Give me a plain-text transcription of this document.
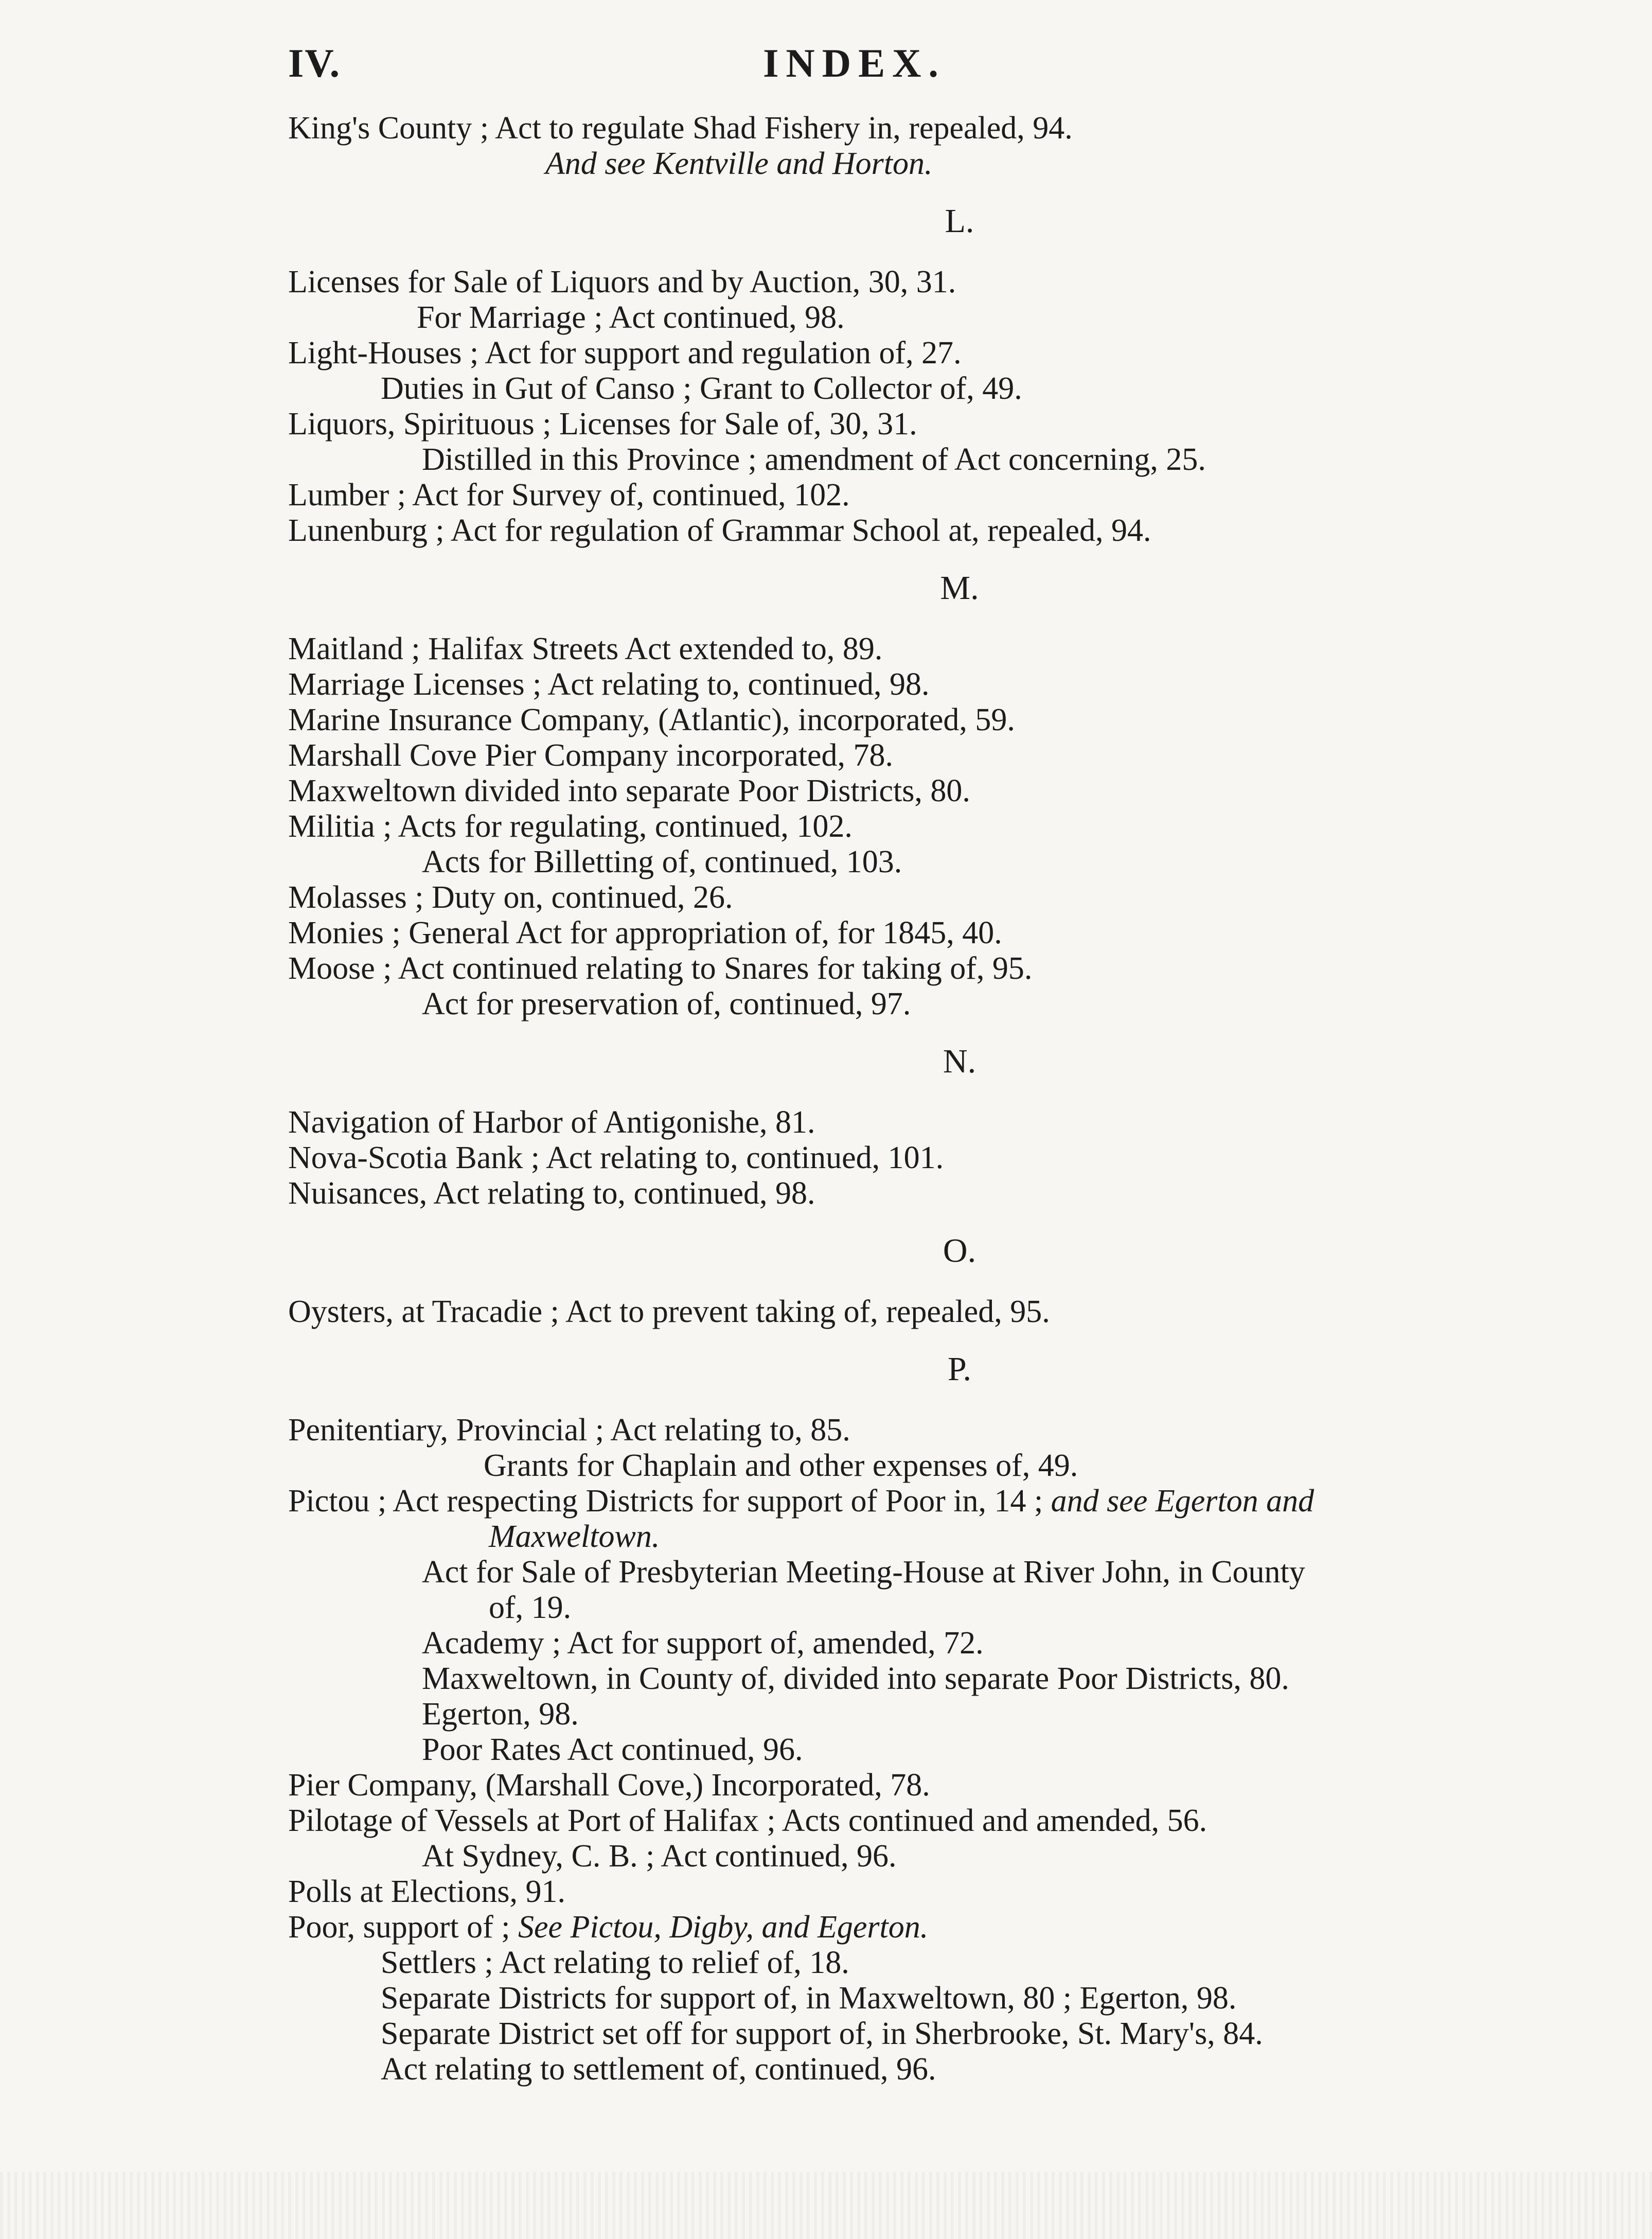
IV.	INDEX.

King's County ; Act to regulate Shad Fishery in, repealed, 94.

And see Kentville and Horton.

L.

Licenses for Sale of Liquors and by Auction, 30, 31.

For Marriage ; Act continued, 98.

Light-Houses ; Act for support and regulation of, 27.

Duties in Gut of Canso ; Grant to Collector of, 49.

Liquors, Spirituous ; Licenses for Sale of, 30, 31.

Distilled in this Province ; amendment of Act concerning, 25.

Lumber ; Act for Survey of, continued, 102.

Lunenburg ; Act for regulation of Grammar School at, repealed, 94.

M.

Maitland ; Halifax Streets Act extended to, 89.

Marriage Licenses ; Act relating to, continued, 98.

Marine Insurance Company, (Atlantic), incorporated, 59.

Marshall Cove Pier Company incorporated, 78.

Maxweltown divided into separate Poor Districts, 80.

Militia ; Acts for regulating, continued, 102.

Acts for Billetting of, continued, 103.

Molasses ; Duty on, continued, 26.

Monies ; General Act for appropriation of, for 1845, 40.

Moose ; Act continued relating to Snares for taking of, 95.

Act for preservation of, continued, 97.

N.

Navigation of Harbor of Antigonishe, 81.

Nova-Scotia Bank ; Act relating to, continued, 101.

Nuisances, Act relating to, continued, 98.

O.

Oysters, at Tracadie ; Act to prevent taking of, repealed, 95.

P.

Penitentiary, Provincial ; Act relating to, 85.

Grants for Chaplain and other expenses of, 49.

Pictou ; Act respecting Districts for support of Poor in, 14 ; and see Egerton and

Maxweltown.

Act for Sale of Presbyterian Meeting-House at River John, in County

of, 19.

Academy ; Act for support of, amended, 72.

Maxweltown, in County of, divided into separate Poor Districts, 80.

Egerton, 98.

Poor Rates Act continued, 96.

Pier Company, (Marshall Cove,) Incorporated, 78.

Pilotage of Vessels at Port of Halifax ; Acts continued and amended, 56.

At Sydney, C. B. ; Act continued, 96.

Polls at Elections, 91.

Poor, support of ; See Pictou, Digby, and Egerton.

Settlers ; Act relating to relief of, 18.

Separate Districts for support of, in Maxweltown, 80 ; Egerton, 98.

Separate District set off for support of, in Sherbrooke, St. Mary's, 84.

Act relating to settlement of, continued, 96.
